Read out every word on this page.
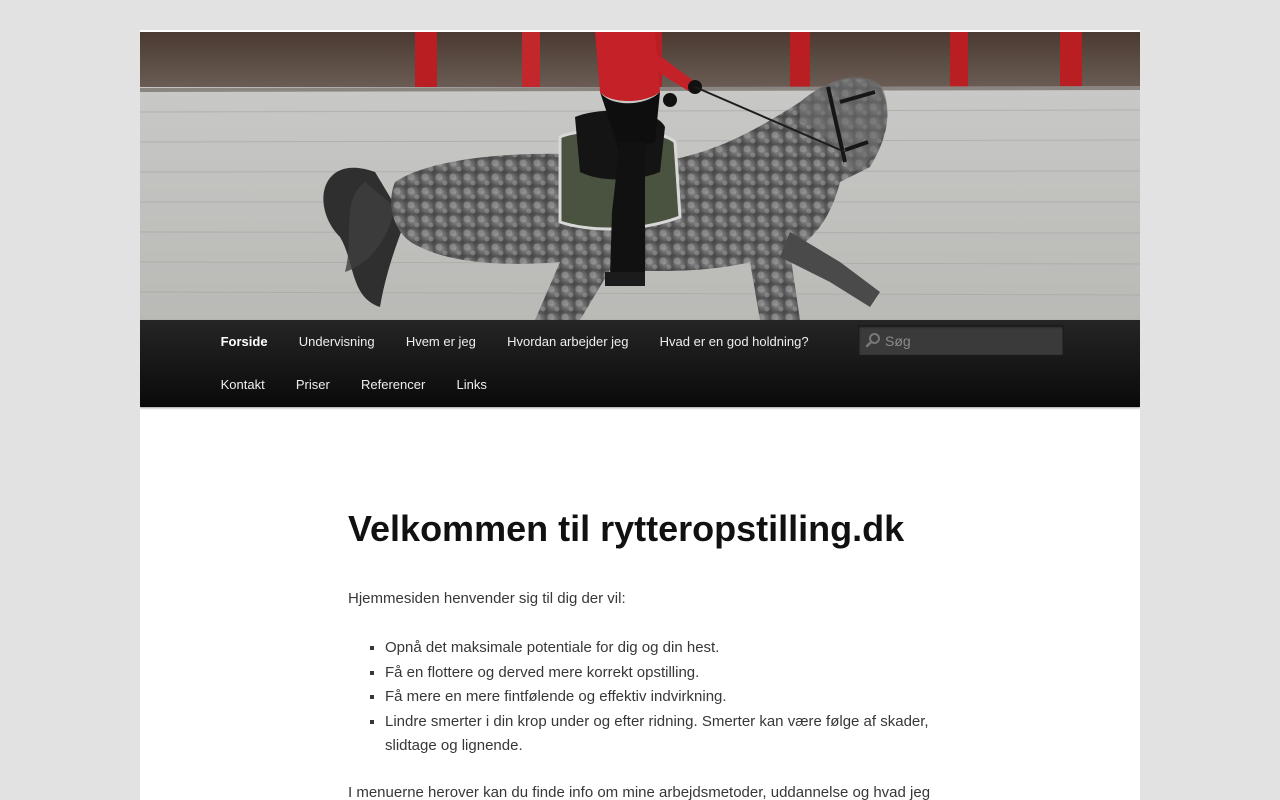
Forside	Undervisning	Hvem er jeg	Hvordan arbejder jeg	Hvad er en god holdning?
Kontakt	Priser	Referencer	Links
Søg
Velkommen til rytteropstilling.dk

Hjemmesiden henvender sig til dig der vil:

▪ Opnå det maksimale potentiale for dig og din hest.
▪ Få en flottere og derved mere korrekt opstilling.
▪ Få mere en mere fintfølende og effektiv indvirkning.
▪ Lindre smerter i din krop under og efter ridning. Smerter kan være følge af skader, slidtage og lignende.

I menuerne herover kan du finde info om mine arbejdsmetoder, uddannelse og hvad jeg
